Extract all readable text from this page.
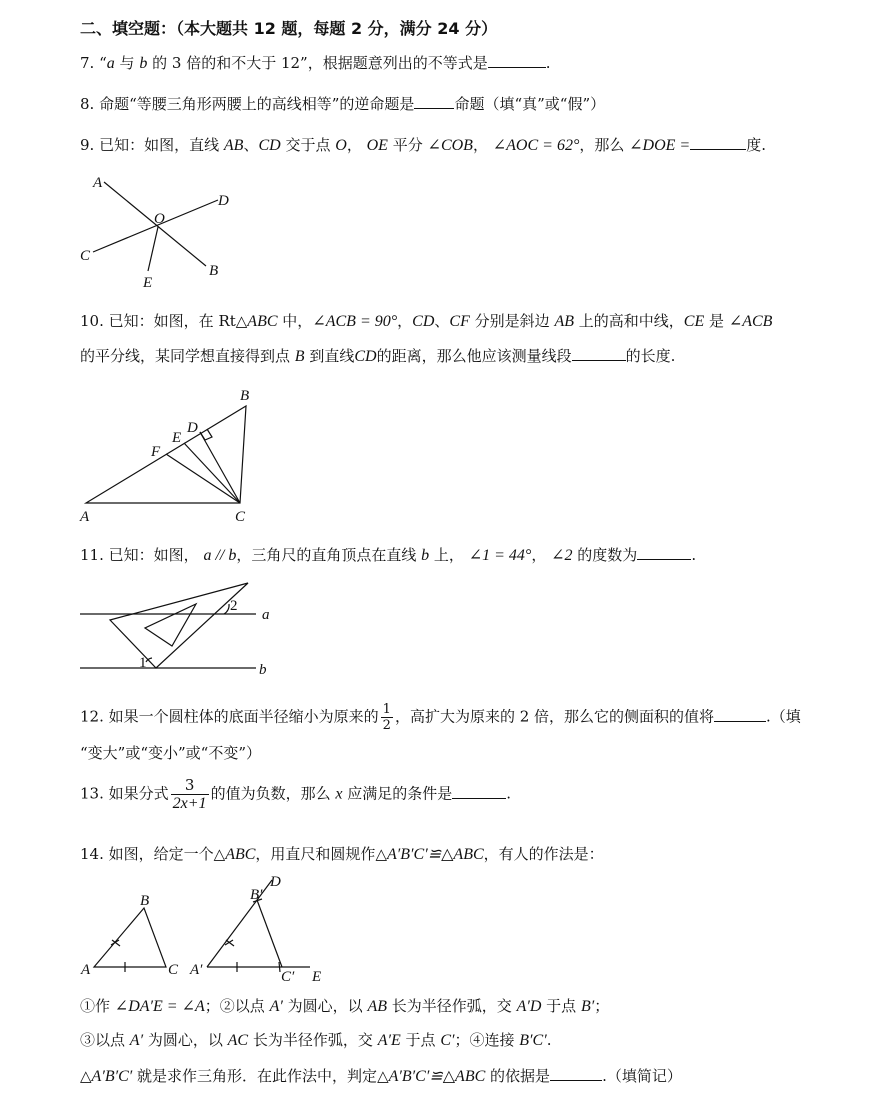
二、填空题：（本大题共 12 题，每题 2 分，满分 24 分）
7. “a 与 b 的 3 倍的和不大于 12”，根据题意列出的不等式是	.
8. 命题“等腰三角形两腰上的高线相等”的逆命题是	命题（填“真”或“假”）
9. 已知：如图，直线 AB、CD 交于点 O， OE 平分 ∠COB， ∠AOC = 62°，那么 ∠DOE =	度.
A
D
O
C
B
E
10. 已知：如图，在 Rt△ABC 中，∠ACB = 90°，CD、CF 分别是斜边 AB 上的高和中线，CE 是 ∠ACB
的平分线，某同学想直接得到点 B 到直线CD的距离，那么他应该测量线段	的长度.
B
D
E
F
A	C
11. 已知：如图， a // b，三角尺的直角顶点在直线 b 上， ∠1 = 44°， ∠2 的度数为	.
a
b
1
2
12. 如果一个圆柱体的底面半径缩小为原来的 $\frac{1}{2}$ ，高扩大为原来的 2 倍，那么它的侧面积的值将	.（填
“变大”或“变小”或“不变”）
13. 如果分式 $\frac{3}{2x+1}$ 的值为负数，那么 x 应满足的条件是	.
14. 如图，给定一个△ABC，用直尺和圆规作△A′B′C′≌△ABC，有人的作法是：
B
A	C
D
B′
A′	C′ E
①作 ∠DA′E = ∠A；②以点 A′ 为圆心，以 AB 长为半径作弧，交 A′D 于点 B′；
③以点 A′ 为圆心，以 AC 长为半径作弧，交 A′E 于点 C′；④连接 B′C′.
△A′B′C′ 就是求作三角形．在此作法中，判定△A′B′C′≌△ABC 的依据是	.（填简记）
